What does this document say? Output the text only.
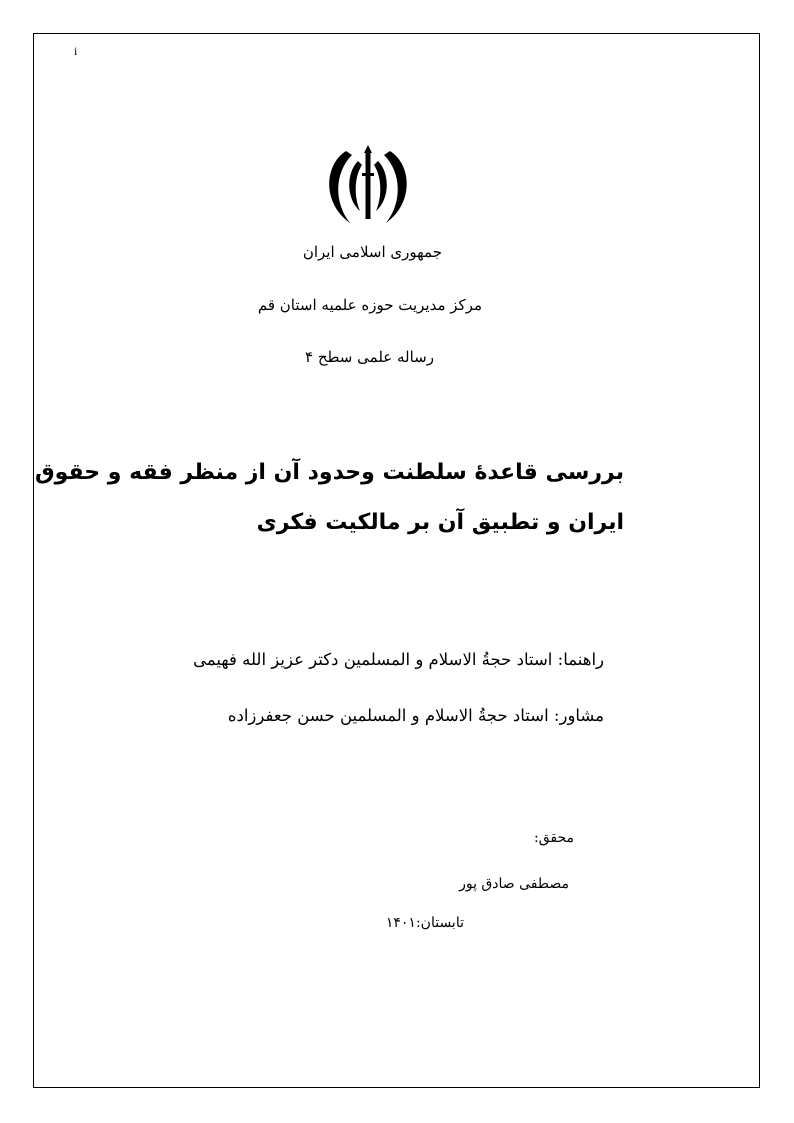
i
جمهوری اسلامی ایران
مرکز مدیریت حوزه علمیه استان قم
رساله علمی سطح ۴
بررسی قاعدهٔ سلطنت وحدود آن از منظر فقه و حقوق
ایران و تطبیق آن بر مالکیت فکری
راهنما: استاد حجةُ الاسلام و المسلمین دکتر عزیز الله فهیمی
مشاور: استاد حجةُ الاسلام و المسلمین حسن جعفرزاده
محقق:
مصطفی صادق پور
تابستان:۱۴۰۱
